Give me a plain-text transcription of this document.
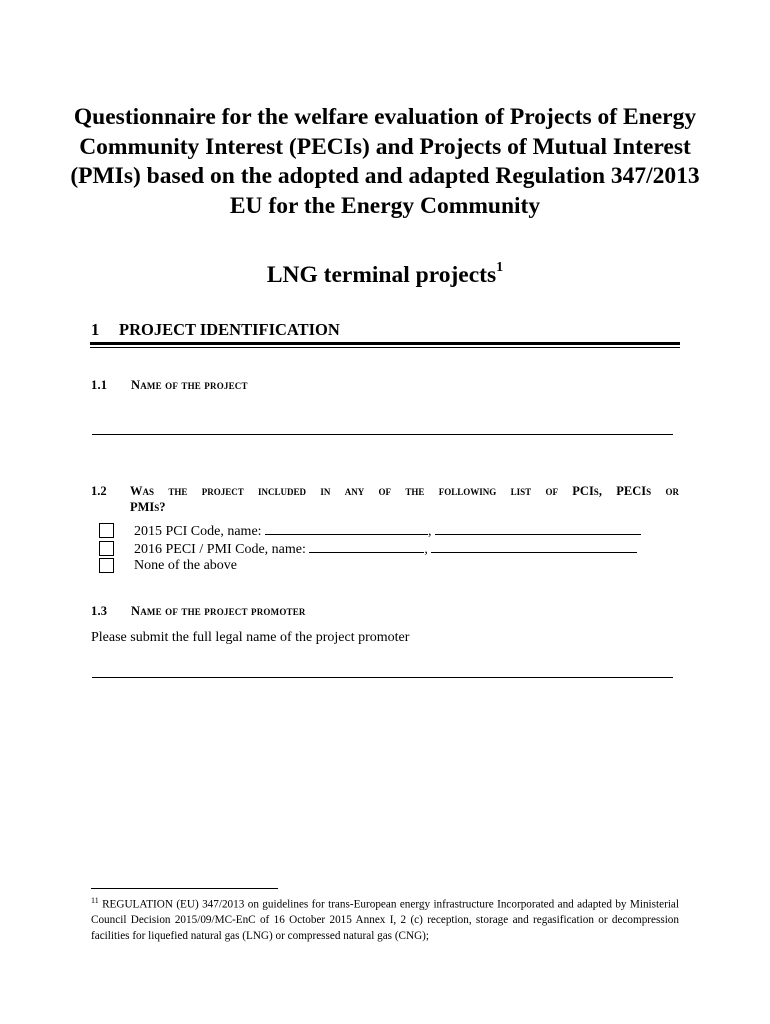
Questionnaire for the welfare evaluation of Projects of Energy Community Interest (PECIs) and Projects of Mutual Interest (PMIs) based on the adopted and adapted Regulation 347/2013 EU for the Energy Community
LNG terminal projects$^1$
1 PROJECT IDENTIFICATION
1.1 Name of the project
1.2 Was the project included in any of the following list of PCIs, PECIs or
PMIs?
2015 PCI Code, name:	,
2016 PECI / PMI Code, name:	,
None of the above
1.3 Name of the project promoter
Please submit the full legal name of the project promoter
$^{11}$ REGULATION (EU) 347/2013 on guidelines for trans-European energy infrastructure Incorporated and adapted by Ministerial Council Decision 2015/09/MC-EnC of 16 October 2015 Annex I, 2 (c) reception, storage and regasification or decompression facilities for liquefied natural gas (LNG) or compressed natural gas (CNG);
